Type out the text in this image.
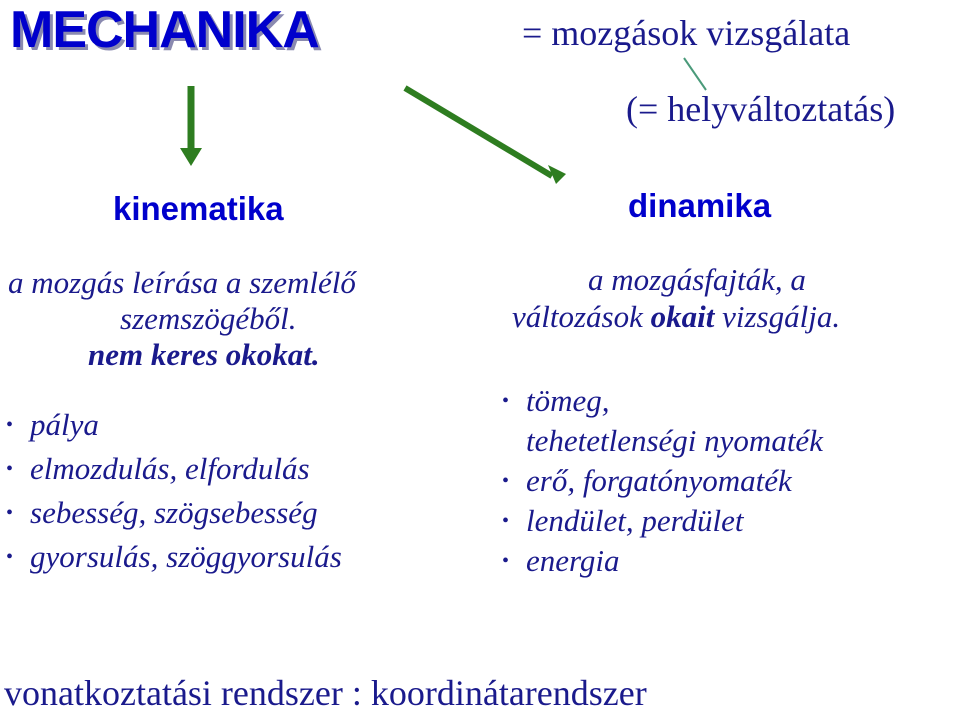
MECHANIKA	= mozgások vizsgálata
(= helyváltoztatás)
kinematika	dinamika
a mozgás leírása a szemlélő
szemszögéből.
nem keres okokat.
a mozgásfajták, a
változások okait vizsgálja.
• pálya
• elmozdulás, elfordulás
• sebesség, szögsebesség
• gyorsulás, szöggyorsulás
• tömeg,
tehetetlenségi nyomaték
• erő, forgatónyomaték
• lendület, perdület
• energia
vonatkoztatási rendszer : koordinátarendszer
